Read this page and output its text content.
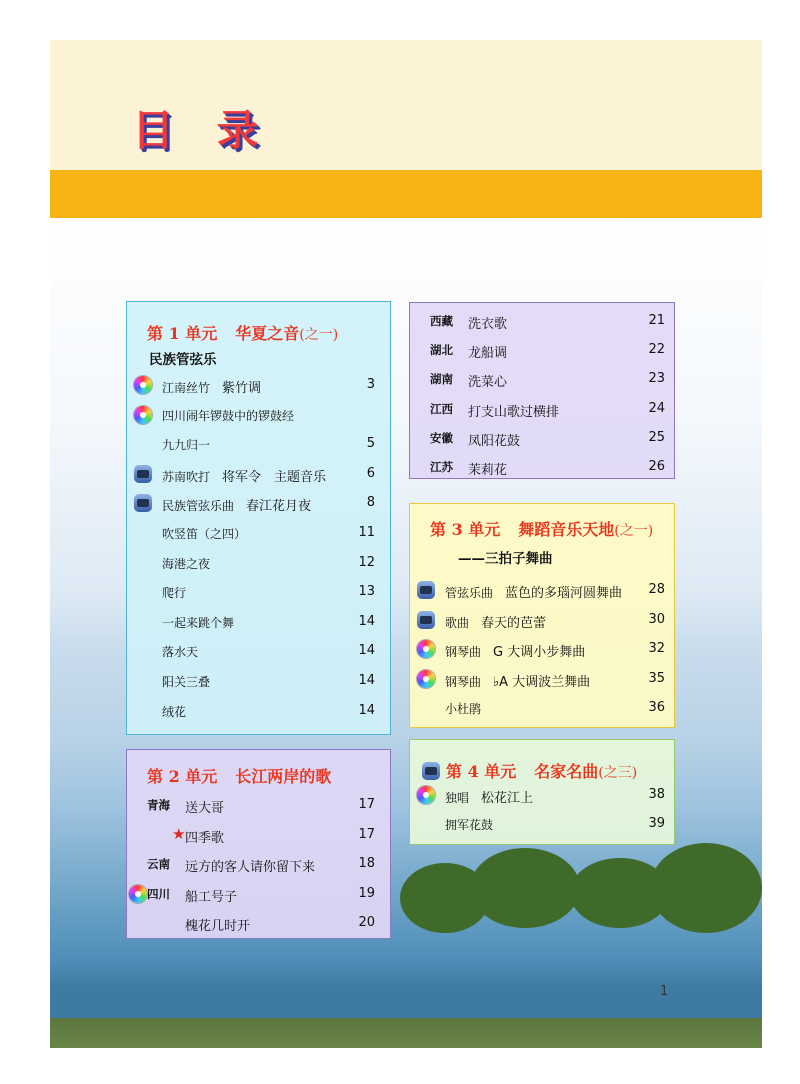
目 录
1
第 1 单元 华夏之音(之一)
民族管弦乐
江南丝竹 紫竹调	3
四川闹年锣鼓中的锣鼓经
九九归一	5
苏南吹打 将军令　主题音乐	6
民族管弦乐曲 春江花月夜	8
吹竖笛（之四）	11
海港之夜	12
爬行	13
一起来跳个舞	14
落水天	14
阳关三叠	14
绒花	14
第 2 单元 长江两岸的歌
青海 送大哥	17
★ 四季歌	17
云南 远方的客人请你留下来	18
四川 船工号子	19
槐花几时开	20
西藏 洗衣歌	21
湖北 龙船调	22
湖南 洗菜心	23
江西 打支山歌过横排	24
安徽 凤阳花鼓	25
江苏 茉莉花	26
第 3 单元 舞蹈音乐天地(之一)
——三拍子舞曲
管弦乐曲 蓝色的多瑙河圆舞曲	28
歌曲 春天的芭蕾	30
钢琴曲 G 大调小步舞曲	32
钢琴曲 ♭A 大调波兰舞曲	35
小杜鹃	36
第 4 单元 名家名曲(之三)
独唱 松花江上	38
拥军花鼓	39
